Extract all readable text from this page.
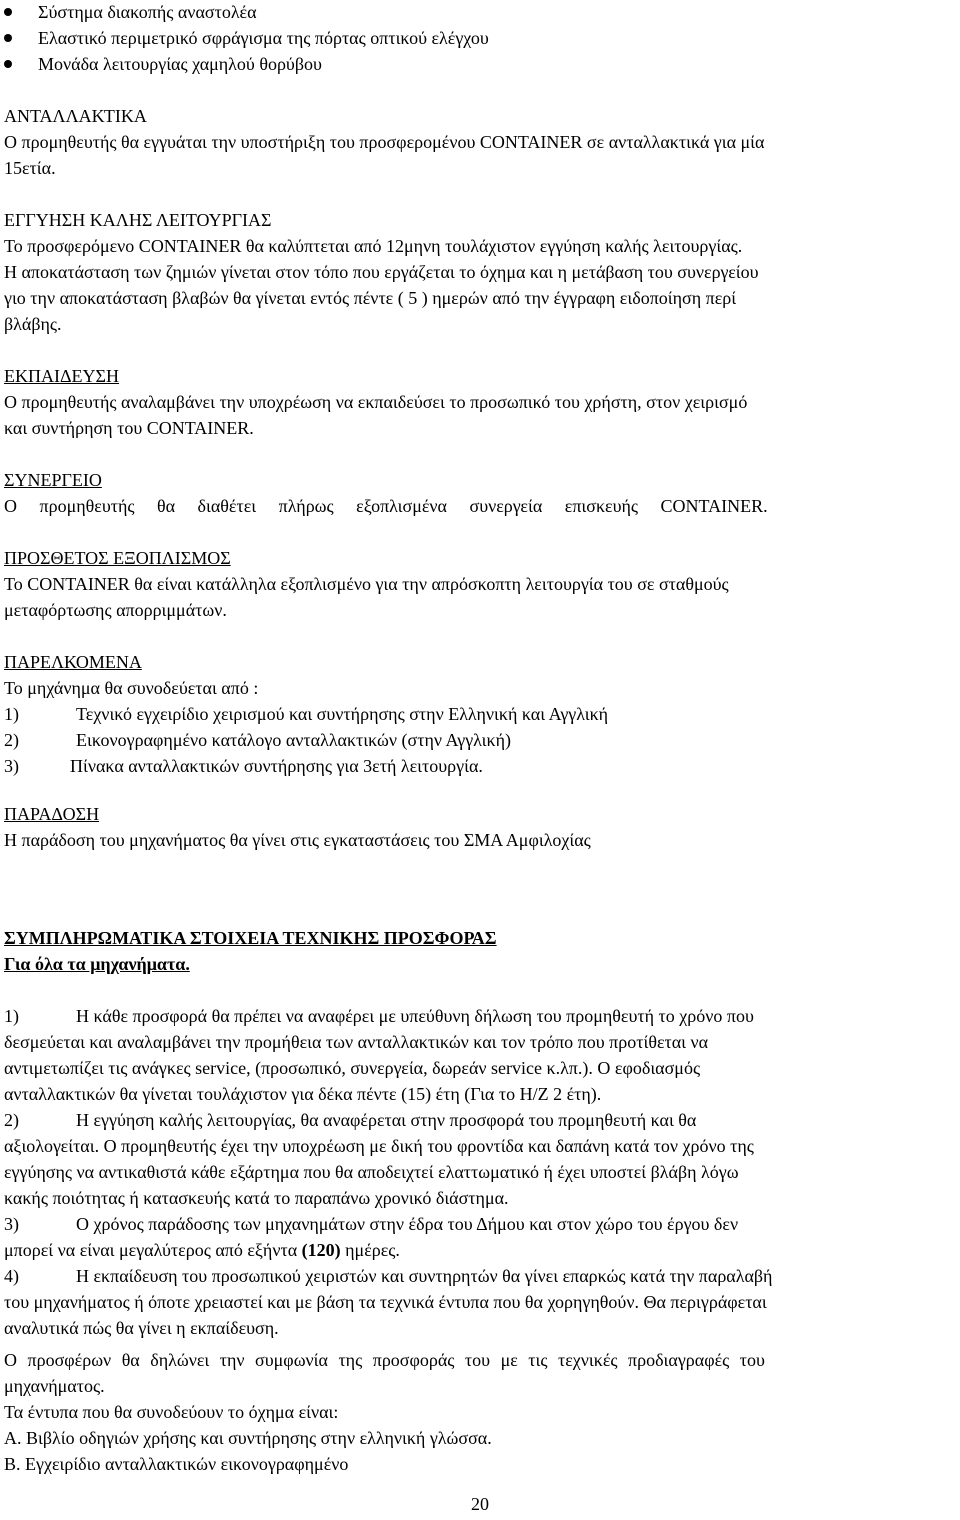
Σύστημα διακοπής αναστολέα
Ελαστικό περιμετρικό σφράγισμα της πόρτας οπτικού ελέγχου
Μονάδα λειτουργίας χαμηλού θορύβου
ΑΝΤΑΛΛΑΚΤΙΚΑ
Ο προμηθευτής θα εγγυάται την υποστήριξη του προσφερομένου CONTAINER σε ανταλλακτικά για μία
15ετία.
ΕΓΓΥΗΣΗ ΚΑΛΗΣ ΛΕΙΤΟΥΡΓΙΑΣ
Το προσφερόμενο CONTAINER θα καλύπτεται από 12μηνη τουλάχιστον εγγύηση καλής λειτουργίας.
Η αποκατάσταση των ζημιών γίνεται στον τόπο που εργάζεται το όχημα και η μετάβαση του συνεργείου
γιο την αποκατάσταση βλαβών θα γίνεται εντός πέντε ( 5 ) ημερών από την έγγραφη ειδοποίηση περί
βλάβης.
ΕΚΠΑΙΔΕΥΣΗ
Ο προμηθευτής αναλαμβάνει την υποχρέωση να εκπαιδεύσει το προσωπικό του χρήστη, στον χειρισμό
και συντήρηση του CONTAINER.
ΣΥΝΕΡΓΕΙΟ
Ο προμηθευτής θα διαθέτει πλήρως εξοπλισμένα συνεργεία επισκευής CONTAINER.
ΠΡΟΣΘΕΤΟΣ ΕΞΟΠΛΙΣΜΟΣ
Το CONTAINER θα είναι κατάλληλα εξοπλισμένο για την απρόσκοπτη λειτουργία του σε σταθμούς
μεταφόρτωσης απορριμμάτων.
ΠΑΡΕΛΚΟΜΕΝΑ
Το μηχάνημα θα συνοδεύεται από :
1)	Τεχνικό εγχειρίδιο χειρισμού και συντήρησης στην Ελληνική και Αγγλική
2)	Εικονογραφημένο κατάλογο ανταλλακτικών (στην Αγγλική)
3)	Πίνακα ανταλλακτικών συντήρησης για 3ετή λειτουργία.
ΠΑΡΑΔΟΣΗ
Η παράδοση του μηχανήματος θα γίνει στις εγκαταστάσεις του ΣΜΑ Αμφιλοχίας
ΣΥΜΠΛΗΡΩΜΑΤΙΚΑ ΣΤΟΙΧΕΙΑ ΤΕΧΝΙΚΗΣ ΠΡΟΣΦΟΡΑΣ
Για όλα τα μηχανήματα.
1)	Η κάθε προσφορά θα πρέπει να αναφέρει με υπεύθυνη δήλωση του προμηθευτή το χρόνο που
δεσμεύεται και αναλαμβάνει την προμήθεια των ανταλλακτικών και τον τρόπο που προτίθεται να
αντιμετωπίζει τις ανάγκες service, (προσωπικό, συνεργεία, δωρεάν service κ.λπ.). Ο εφοδιασμός
ανταλλακτικών θα γίνεται τουλάχιστον για δέκα πέντε (15) έτη (Για το Η/Ζ 2 έτη).
2)	Η εγγύηση καλής λειτουργίας, θα αναφέρεται στην προσφορά του προμηθευτή και θα
αξιολογείται. Ο προμηθευτής έχει την υποχρέωση με δική του φροντίδα και δαπάνη κατά τον χρόνο της
εγγύησης να αντικαθιστά κάθε εξάρτημα που θα αποδειχτεί ελαττωματικό ή έχει υποστεί βλάβη λόγω
κακής ποιότητας ή κατασκευής κατά το παραπάνω χρονικό διάστημα.
3)	Ο χρόνος παράδοσης των μηχανημάτων στην έδρα του Δήμου και στον χώρο του έργου δεν
μπορεί να είναι μεγαλύτερος από εξήντα (120) ημέρες.
4)	Η εκπαίδευση του προσωπικού χειριστών και συντηρητών θα γίνει επαρκώς κατά την παραλαβή
του μηχανήματος ή όποτε χρειαστεί και με βάση τα τεχνικά έντυπα που θα χορηγηθούν. Θα περιγράφεται
αναλυτικά πώς θα γίνει η εκπαίδευση.
Ο προσφέρων θα δηλώνει την συμφωνία της προσφοράς του με τις τεχνικές προδιαγραφές του
μηχανήματος.
Τα έντυπα που θα συνοδεύουν το όχημα είναι:
Α. Βιβλίο οδηγιών χρήσης και συντήρησης στην ελληνική γλώσσα.
Β. Εγχειρίδιο ανταλλακτικών εικονογραφημένο
20
